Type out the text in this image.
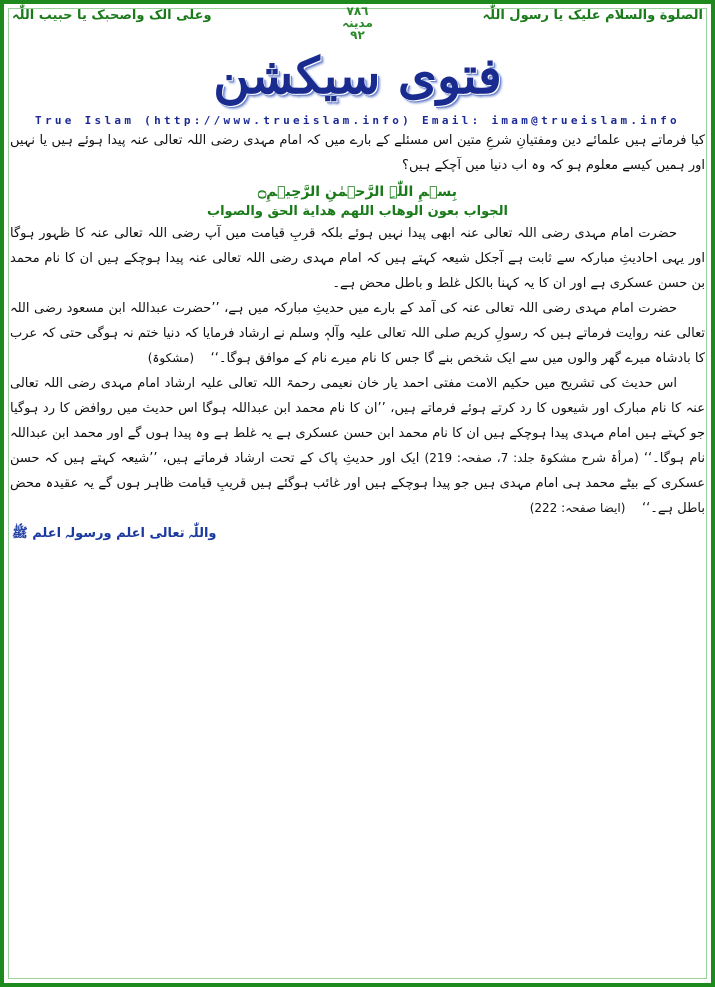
الصلوة والسلام علیک یا رسول اللّٰہ
وعلی الک واصحبک یا حبیب اللّٰہ	۷۸٦
مدینہ
۹۲
فتوی سیکشن
True Islam (http://www.trueislam.info) Email: imam@trueislam.info

کیا فرماتے ہیں علمائے دین ومفتیانِ شرعِ متین اس مسئلے کے بارے میں کہ امام مہدی رضی اللہ تعالی عنہ پیدا ہوئے ہیں یا نہیں اور ہمیں کیسے معلوم ہو کہ وہ اب دنیا میں آچکے ہیں؟

بِسۡمِ اللّٰہِ الرَّحۡمٰنِ الرَّحِیۡمِ۝
الجواب بعون الوهاب اللهم هداية الحق والصواب

حضرت امام مہدی رضی اللہ تعالی عنہ ابھی پیدا نہیں ہوئے بلکہ قربِ قیامت میں آپ رضی اللہ تعالی عنہ کا ظہور ہوگا اور یہی احادیثِ مبارکہ سے ثابت ہے آجکل شیعہ کہتے ہیں کہ امام مہدی رضی اللہ تعالی عنہ پیدا ہوچکے ہیں ان کا نام محمد بن حسن عسکری ہے اور ان کا یہ کہنا بالکل غلط و باطل محض ہے۔

حضرت امام مہدی رضی اللہ تعالی عنہ کی آمد کے بارے میں حدیثِ مبارکہ میں ہے، ’’حضرت عبداللہ ابن مسعود رضی اللہ تعالی عنہ روایت فرماتے ہیں کہ رسولِ کریم صلی اللہ تعالی علیہ وآلہٖ وسلم نے ارشاد فرمایا کہ دنیا ختم نہ ہوگی حتی کہ عرب کا بادشاہ میرے گھر والوں میں سے ایک شخص بنے گا جس کا نام میرے نام کے موافق ہوگا۔‘‘    (مشکوۃ)

اس حدیث کی تشریح میں حکیم الامت مفتی احمد یار خان نعیمی رحمۃ اللہ تعالی علیہ ارشاد امام مہدی رضی اللہ تعالی عنہ کا نام مبارک اور شیعوں کا رد کرتے ہوئے فرماتے ہیں، ’’ان کا نام محمد ابن عبداللہ ہوگا اس حدیث میں روافض کا رد ہوگیا جو کہتے ہیں امام مہدی پیدا ہوچکے ہیں ان کا نام محمد ابن حسن عسکری ہے یہ غلط ہے وہ پیدا ہوں گے اور محمد ابن عبداللہ نام ہوگا۔‘‘ (مرأۃ شرح مشکوۃ جلد: 7، صفحہ: 219) ایک اور حدیثِ پاک کے تحت ارشاد فرماتے ہیں، ’’شیعہ کہتے ہیں کہ حسن عسکری کے بیٹے محمد ہی امام مہدی ہیں جو پیدا ہوچکے ہیں اور غائب ہوگئے ہیں قریبِ قیامت ظاہر ہوں گے یہ عقیدہ محض باطل ہے۔‘‘    (ایضا صفحہ: 222)

واللّٰہ تعالی اعلم ورسولہ اعلم ﷺ
